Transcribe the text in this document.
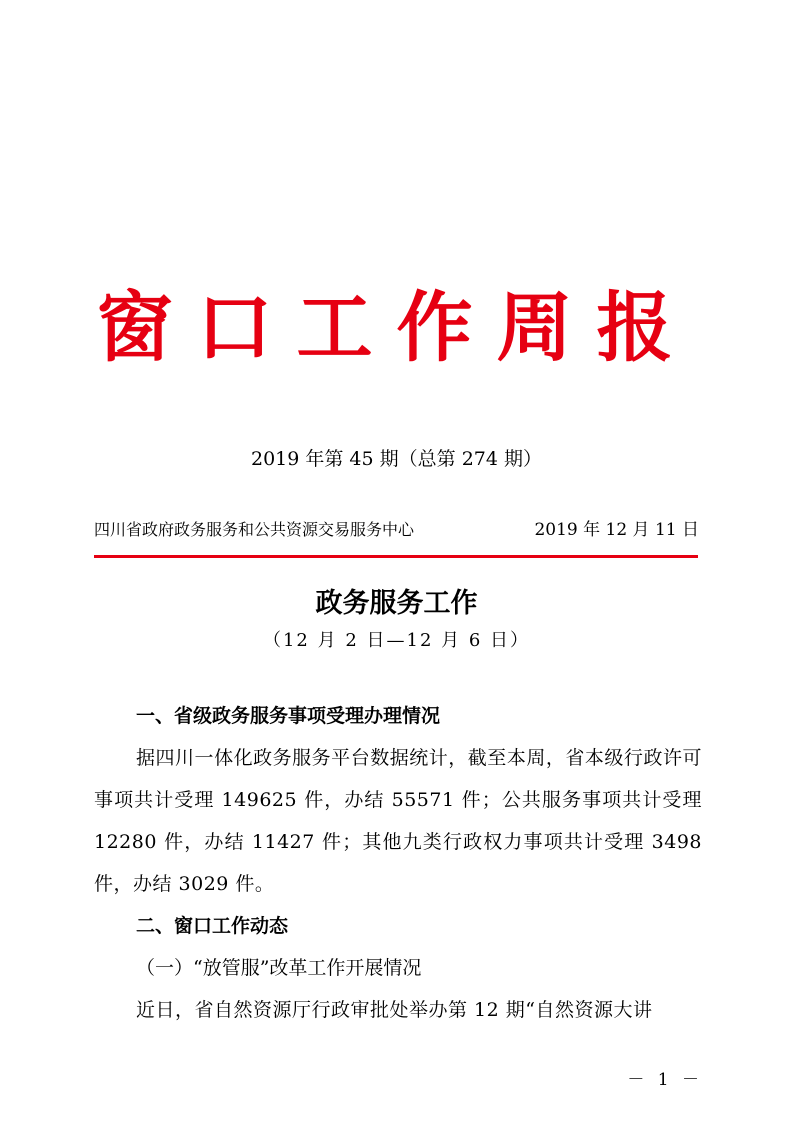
窗口工作周报
2019 年第 45 期（总第 274 期）
四川省政府政务服务和公共资源交易服务中心	2019 年 12 月 11 日
政务服务工作
（12 月 2 日—12 月 6 日）

一、省级政务服务事项受理办理情况

据四川一体化政务服务平台数据统计，截至本周，省本级行政许可事项共计受理 149625 件，办结 55571 件；公共服务事项共计受理 12280 件，办结 11427 件；其他九类行政权力事项共计受理 3498 件，办结 3029 件。

二、窗口工作动态

（一）“放管服”改革工作开展情况

近日，省自然资源厅行政审批处举办第 12 期“自然资源大讲

－ 1 －
